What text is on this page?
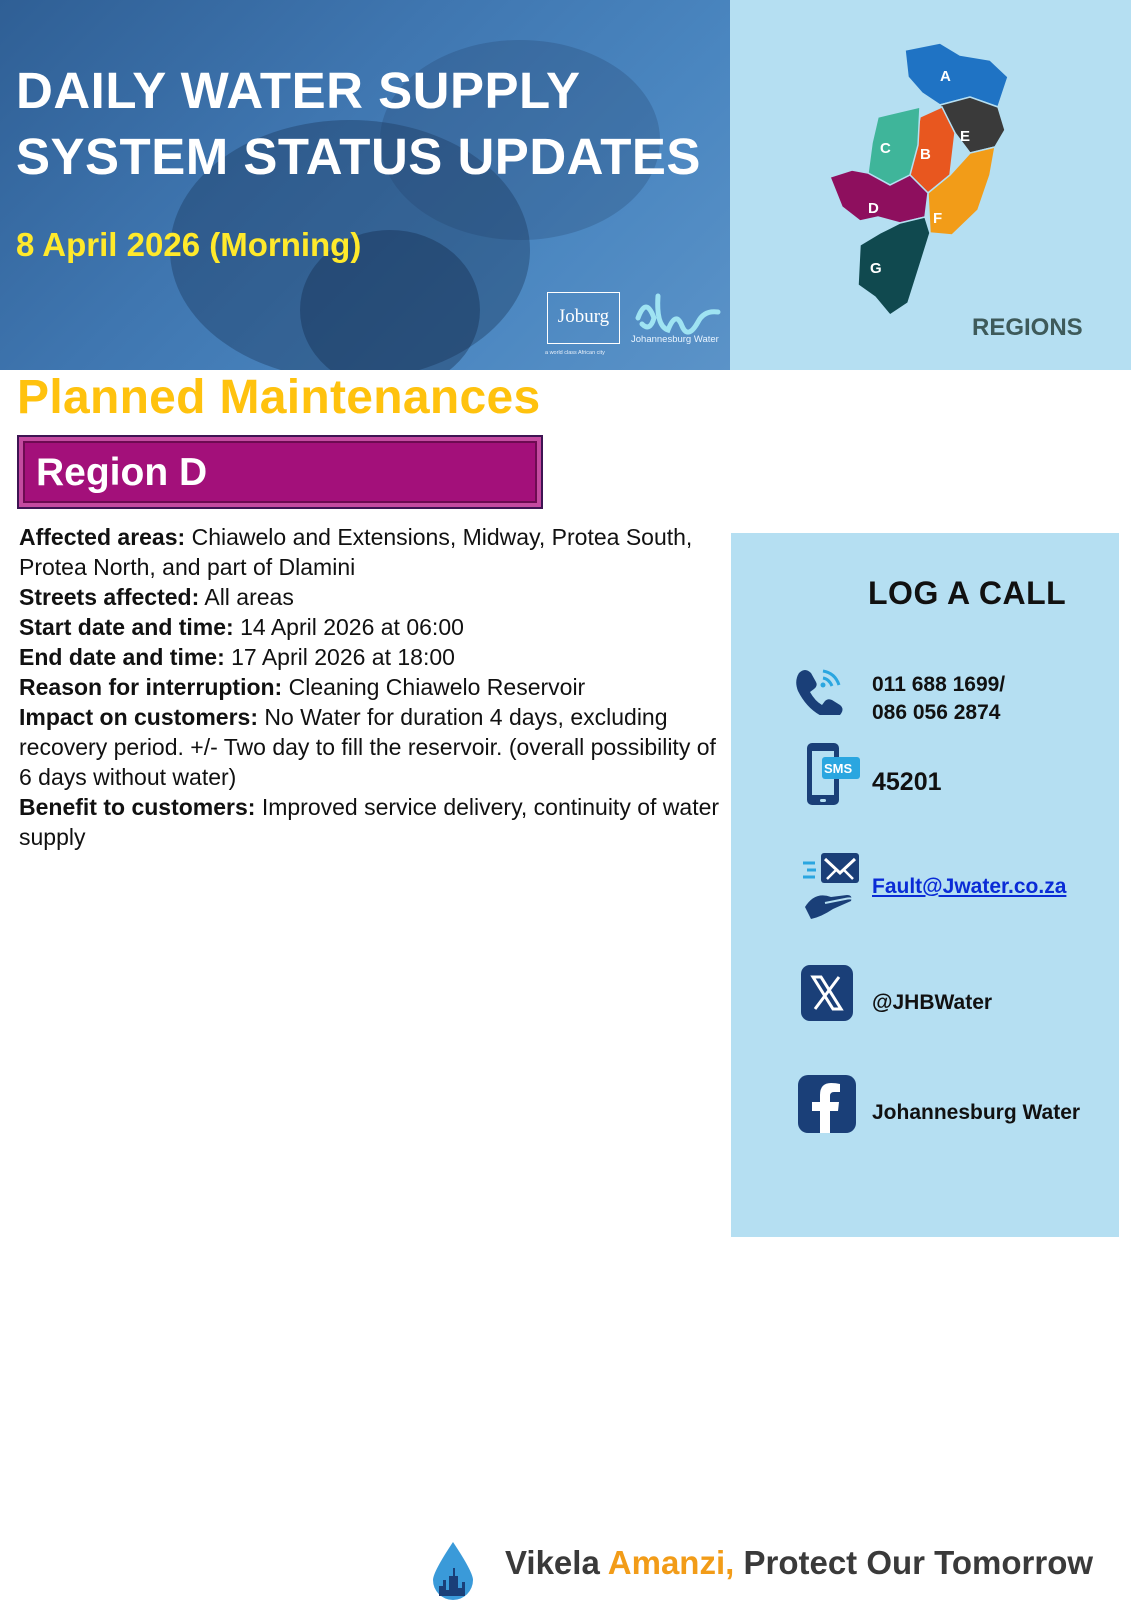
DAILY WATER SUPPLY
SYSTEM STATUS UPDATES
8 April 2026 (Morning)
Joburg
a world class African city
Johannesburg Water
A
B
C
D
E
F
G
REGIONS
Planned Maintenances
Region D
Affected areas: Chiawelo and Extensions, Midway, Protea South, Protea North, and part of Dlamini
Streets affected: All areas
Start date and time: 14 April 2026 at 06:00
End date and time: 17 April 2026 at 18:00
Reason for interruption: Cleaning Chiawelo Reservoir
Impact on customers: No Water for duration 4 days, excluding recovery period. +/- Two day to fill the reservoir. (overall possibility of 6 days without water)
Benefit to customers: Improved service delivery, continuity of water supply
LOG A CALL
011 688 1699/
086 056 2874
SMS 45201
Fault@Jwater.co.za
@JHBWater
Johannesburg Water
Vikela Amanzi, Protect Our Tomorrow
